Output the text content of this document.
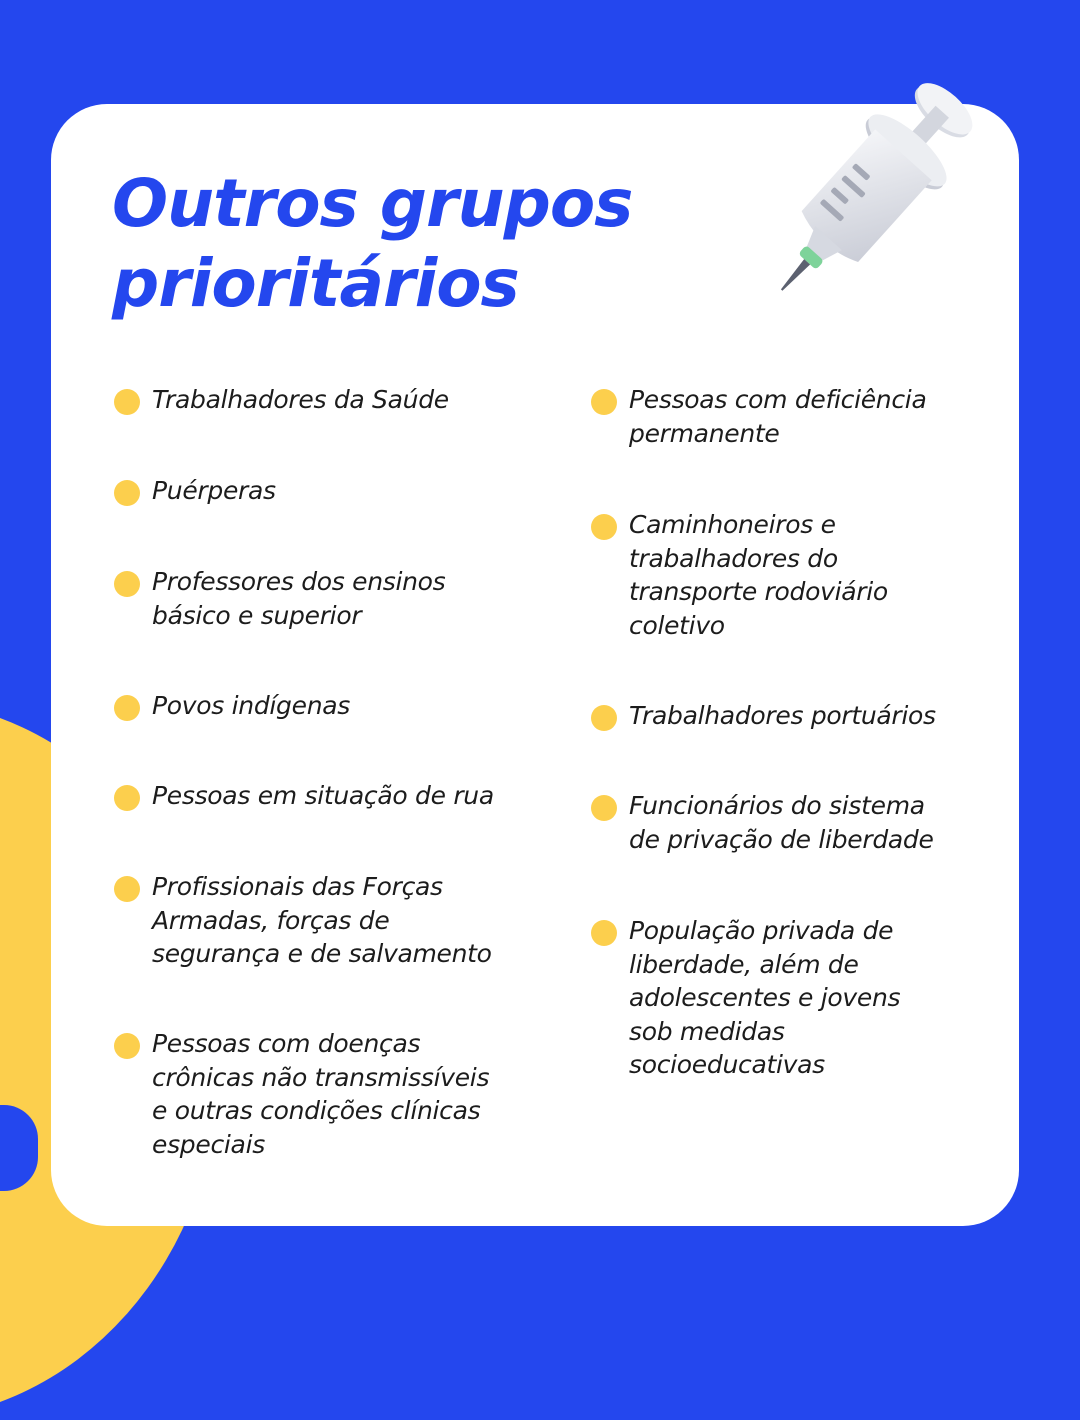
Outros grupos
prioritários
Trabalhadores da Saúde
Puérperas
Professores dos ensinos
básico e superior
Povos indígenas
Pessoas em situação de rua
Profissionais das Forças
Armadas, forças de
segurança e de salvamento
Pessoas com doenças
crônicas não transmissíveis
e outras condições clínicas
especiais
Pessoas com deficiência
permanente
Caminhoneiros e
trabalhadores do
transporte rodoviário
coletivo
Trabalhadores portuários
Funcionários do sistema
de privação de liberdade
População privada de
liberdade, além de
adolescentes e jovens
sob medidas
socioeducativas
